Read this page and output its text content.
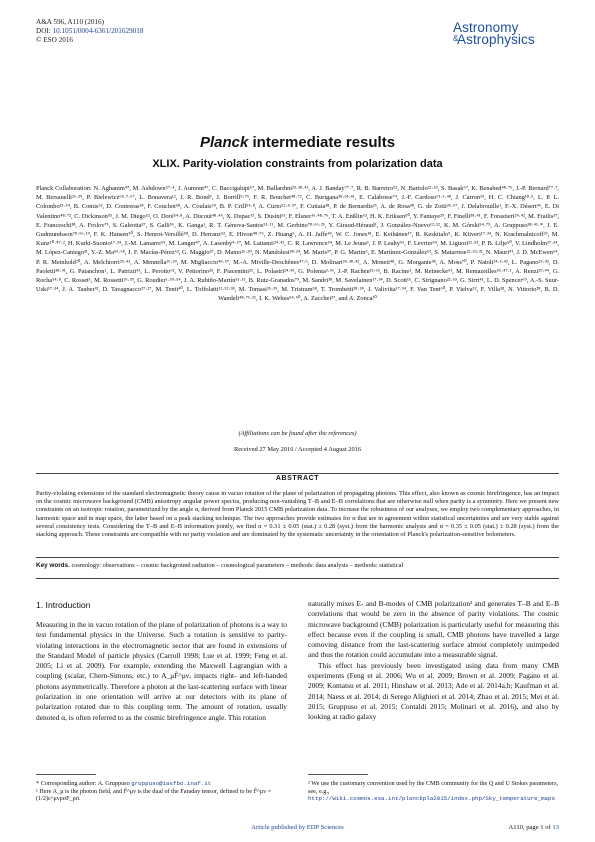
A&A 596, A110 (2016)
DOI: 10.1051/0004-6361/201629018
© ESO 2016
Astronomy
&
Astrophysics
Planck intermediate results
XLIX. Parity-violation constraints from polarization data
Planck Collaboration: N. Aghanim⁴⁷, M. Ashdown⁵⁷·⁴, J. Aumont⁴⁷, C. Baccigalupi⁶⁷, M. Ballardini²³·³⁸·⁴¹, A. J. Banday⁷⁷·⁷, R. B. Barreiro⁵², N. Bartolo²²·⁵³, S. Basak⁶⁷, K. Benabed⁴⁸·⁷⁶, J.-P. Bernard⁷⁷·⁷, M. Bersanelli²⁶·³⁹, P. Bielewicz⁶⁵·⁷·⁶⁷, L. Bonavera¹², J. R. Bond⁶, J. Borrill⁹·⁷⁵, F. R. Bouchet⁴⁸·⁷², C. Burigana³⁸·²⁴·⁴¹, E. Calabrese⁷⁴, J.-F. Cardoso⁶¹·¹·⁴⁸, J. Carron¹⁹, H. C. Chiang¹⁸·⁵, L. P. L. Colombo²¹·⁵⁴, B. Comis⁶², D. Contreras¹⁸, F. Couchot⁵⁸, A. Coulais⁵⁹, B. P. Crill⁵⁴·⁸, A. Curto⁵²·⁴·⁵⁷, F. Cuttaia³⁸, P. de Bernardis²⁵, A. de Rosa³⁸, G. de Zotti³⁵·⁶⁷, J. Delabrouille¹, F.-X. Désert⁴⁵, E. Di Valentino⁴⁸·⁷², C. Dickinson⁵⁵, J. M. Diego⁵², O. Doré⁵⁴·⁸, A. Ducout⁴⁸·⁴⁶, X. Dupac³¹, S. Dusini⁵³, F. Elsner¹⁶·⁴⁸·⁷⁶, T. A. Enßlin⁶³, H. K. Eriksen⁵⁰, Y. Fantaye²⁹, F. Finelli³⁸·⁴¹, F. Forastieri²⁴·⁴², M. Frailis³⁷, E. Franceschi³⁸, A. Frolov⁷¹, S. Galeotta³⁷, S. Galli⁵⁶, K. Ganga¹, R. T. Génova-Santos⁵¹·¹¹, M. Gerbino⁷⁸·⁶⁶·²⁵, Y. Giraud-Héraud¹, J. González-Nuevo¹²·⁵², K. M. Górski⁵⁴·⁷⁹, A. Gruppuso³⁸·⁴¹·*, J. E. Gudmundsson⁷⁸·⁶⁶·¹⁹, F. K. Hansen⁵⁰, S. Henrot-Versillé⁵⁸, D. Herranz⁵², E. Hivon⁴⁸·⁷⁶, Z. Huang⁶, A. H. Jaffe⁴⁶, W. C. Jones¹⁸, E. Keihänen¹⁷, R. Keskitalo⁹, K. Kiiveri¹⁷·³⁴, N. Krachmalnicoff²⁶, M. Kunz¹⁰·⁴⁷·², H. Kurki-Suonio¹⁷·³⁴, J.-M. Lamarre⁵⁹, M. Langer⁴⁷, A. Lasenby⁴·⁵⁷, M. Lattanzi²⁴·⁴², C. R. Lawrence⁵⁴, M. Le Jeune¹, J. P. Leahy⁵⁵, F. Levrier⁵⁹, M. Liguori²²·⁵³, P. B. Lilje⁵⁰, V. Lindholm¹⁷·³⁴, M. López-Caniego³¹, Y.-Z. Ma⁵⁵·⁶⁸, J. F. Macías-Pérez⁶², G. Maggio³⁷, D. Maino²⁶·³⁹, N. Mandolesi³⁸·²⁴, M. Maris³⁷, P. G. Martin⁶, E. Martínez-González⁵², S. Matarrese²²·⁵³·³², N. Mauri⁴¹, J. D. McEwen⁶⁴, P. R. Meinhold²⁰, A. Melchiorri²⁵·⁴³, A. Mennella²⁶·³⁹, M. Migliaccio⁴⁹·⁵⁷, M.-A. Miville-Deschênes⁴⁷·⁶, D. Molinari²⁴·³⁸·⁴², A. Moneti⁴⁸, G. Morgante³⁸, A. Moss⁷⁰, P. Natoli²⁴·³·⁴², L. Pagano²⁵·⁴³, D. Paoletti³⁸·⁴¹, G. Patanchon¹, L. Patrizii⁴¹, L. Perotto⁶², V. Pettorino³³, F. Piacentini²⁵, L. Polastri²⁴·⁴², G. Polenta³·³⁶, J.-P. Rachen¹³·⁶³, B. Racine¹, M. Reinecke⁶³, M. Remazeilles⁵⁵·⁴⁷·¹, A. Renzi²⁹·⁴⁴, G. Rocha⁵⁴·⁸, C. Rosset¹, M. Rossetti²⁶·³⁹, G. Roudier¹·⁵⁹·⁵⁴, J. A. Rubiño-Martín⁵¹·¹¹, B. Ruiz-Granados⁷⁹, M. Sandri³⁸, M. Savelainen¹⁷·³⁴, D. Scott¹⁵, C. Sirignano²²·⁵³, G. Sirri⁴¹, L. D. Spencer⁶⁹, A.-S. Suur-Uski¹⁷·³⁴, J. A. Tauber³², D. Tavagnacco³⁷·²⁷, M. Tenti⁴⁰, L. Toffolatti¹²·⁵²·³⁸, M. Tomasi²⁶·³⁹, M. Tristram⁵⁸, T. Trombetti³⁸·²⁴, J. Valiviita¹⁷·³⁴, F. Van Tent⁶⁰, P. Vielva⁵², F. Villa³⁸, N. Vittorio²⁸, B. D. Wandelt⁴⁸·⁷⁶·²¹, I. K. Wehus⁵⁴·⁵⁰, A. Zacchei³⁷, and A. Zonca²⁰
(Affiliations can be found after the references)
Received 27 May 2016 / Accepted 4 August 2016
ABSTRACT
Parity-violating extensions of the standard electromagnetic theory cause in vacuo rotation of the plane of polarization of propagating photons. This effect, also known as cosmic birefringence, has an impact on the cosmic microwave background (CMB) anisotropy angular power spectra, producing non-vanishing T–B and E–B correlations that are otherwise null when parity is a symmetry. Here we present new constraints on an isotropic rotation, parametrized by the angle α, derived from Planck 2015 CMB polarization data. To increase the robustness of our analyses, we employ two complementary approaches, in harmonic space and in map space, the latter based on a peak stacking technique. The two approaches provide estimates for α that are in agreement within statistical uncertainties and are very stable against several consistency tests. Considering the T–B and E–B information jointly, we find α = 0.31 ± 0.05 (stat.) ± 0.28 (syst.) from the harmonic analysis and α = 0.35 ± 0.05 (stat.) ± 0.28 (syst.) from the stacking approach. These constraints are compatible with no parity violation and are dominated by the systematic uncertainty in the orientation of Planck's polarization-sensitive bolometers.
Key words. cosmology: observations – cosmic background radiation – cosmological parameters – methods: data analysis – methods: statistical
1. Introduction

Measuring in the in vacuo rotation of the plane of polarization of photons is a way to test fundamental physics in the Universe. Such a rotation is sensitive to parity-violating interactions in the electromagnetic sector that are found in extensions of the Standard Model of particle physics (Carroll 1998; Lue et al. 1999; Feng et al. 2005; Li et al. 2009). For example, extending the Maxwell Lagrangian with a coupling (scalar, Chern-Simons, etc.) to A_μF̃^μν, impacts right- and left-handed photons asymmetrically. Therefore a photon at the last-scattering surface with linear polarization in one orientation will arrive at our detectors with its plane of polarization rotated due to this coupling term. The amount of rotation, usually denoted α, is often referred to as the cosmic birefringence angle. This rotation

naturally mixes E- and B-modes of CMB polarization² and generates T–B and E–B correlations that would be zero in the absence of parity violations. The cosmic microwave background (CMB) polarization is particularly useful for measuring this effect because even if the coupling is small, CMB photons have travelled a large comoving distance from the last-scattering surface almost completely unimpeded and thus the rotation could accumulate into a measurable signal.

This effect has previously been investigated using data from many CMB experiments (Feng et al. 2006; Wu et al. 2009; Brown et al. 2009; Pagano et al. 2009; Komatsu et al. 2011; Hinshaw et al. 2013; Ade et al. 2014a,b; Kaufman et al. 2014; Naess et al. 2014; di Serego Alighieri et al. 2014; Zhao et al. 2015; Mei et al. 2015; Gruppuso et al. 2015; Contaldi 2015; Molinari et al. 2016), and also by looking at radio galaxy

* Corresponding author: A. Gruppuso gruppuso@iasfbo.inaf.it
¹ Here A_μ is the photon field, and F̃^μν is the dual of the Faraday tensor, defined to be F̃^μν = (1/2)ε^μνρσF_ρσ.
² We use the customary convention used by the CMB community for the Q and U Stokes parameters, see, e.g., http://wiki.cosmos.esa.int/planckpla2015/index.php/Sky_temperature_maps
Article published by EDP Sciences	A110, page 1 of 13
